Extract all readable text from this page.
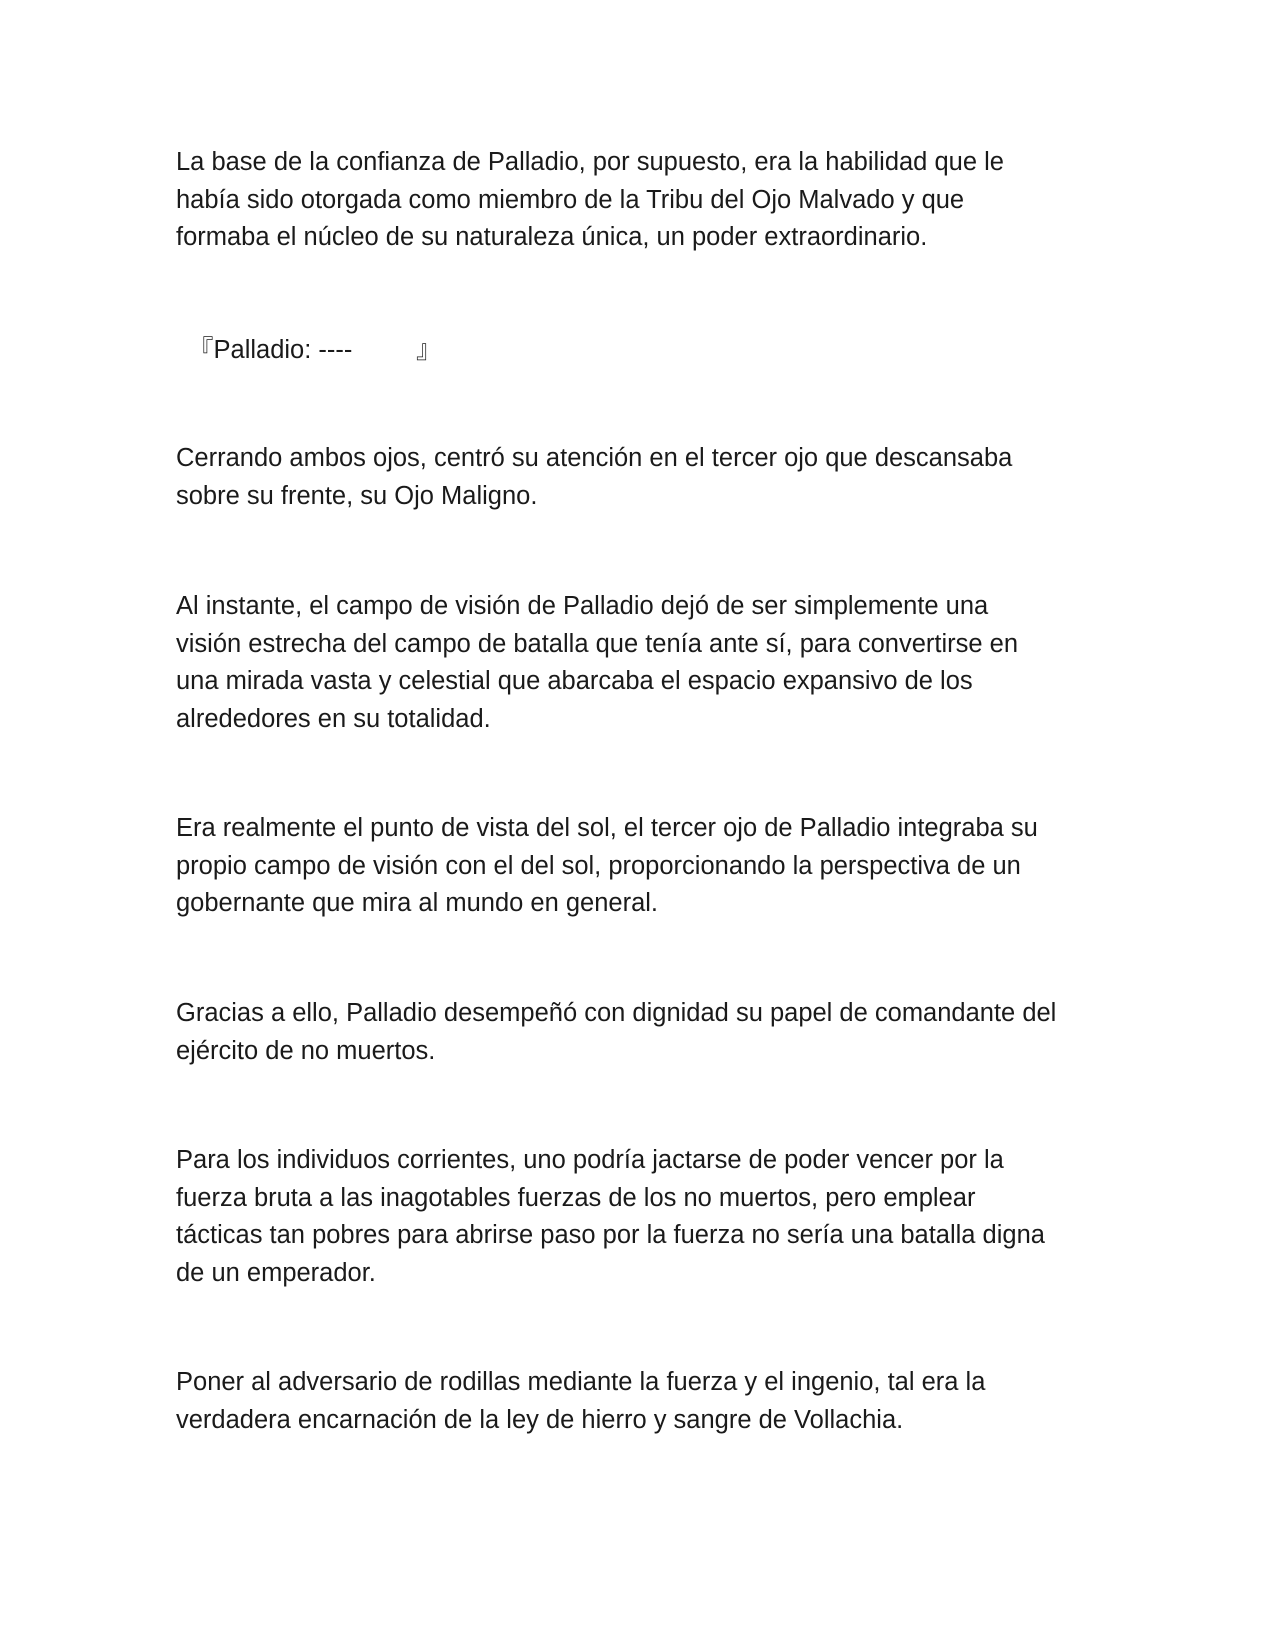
La base de la confianza de Palladio, por supuesto, era la habilidad que le
había sido otorgada como miembro de la Tribu del Ojo Malvado y que
formaba el núcleo de su naturaleza única, un poder extraordinario.

『Palladio: ---- 』

Cerrando ambos ojos, centró su atención en el tercer ojo que descansaba
sobre su frente, su Ojo Maligno.

Al instante, el campo de visión de Palladio dejó de ser simplemente una
visión estrecha del campo de batalla que tenía ante sí, para convertirse en
una mirada vasta y celestial que abarcaba el espacio expansivo de los
alrededores en su totalidad.

Era realmente el punto de vista del sol, el tercer ojo de Palladio integraba su
propio campo de visión con el del sol, proporcionando la perspectiva de un
gobernante que mira al mundo en general.

Gracias a ello, Palladio desempeñó con dignidad su papel de comandante del
ejército de no muertos.

Para los individuos corrientes, uno podría jactarse de poder vencer por la
fuerza bruta a las inagotables fuerzas de los no muertos, pero emplear
tácticas tan pobres para abrirse paso por la fuerza no sería una batalla digna
de un emperador.

Poner al adversario de rodillas mediante la fuerza y el ingenio, tal era la
verdadera encarnación de la ley de hierro y sangre de Vollachia.
